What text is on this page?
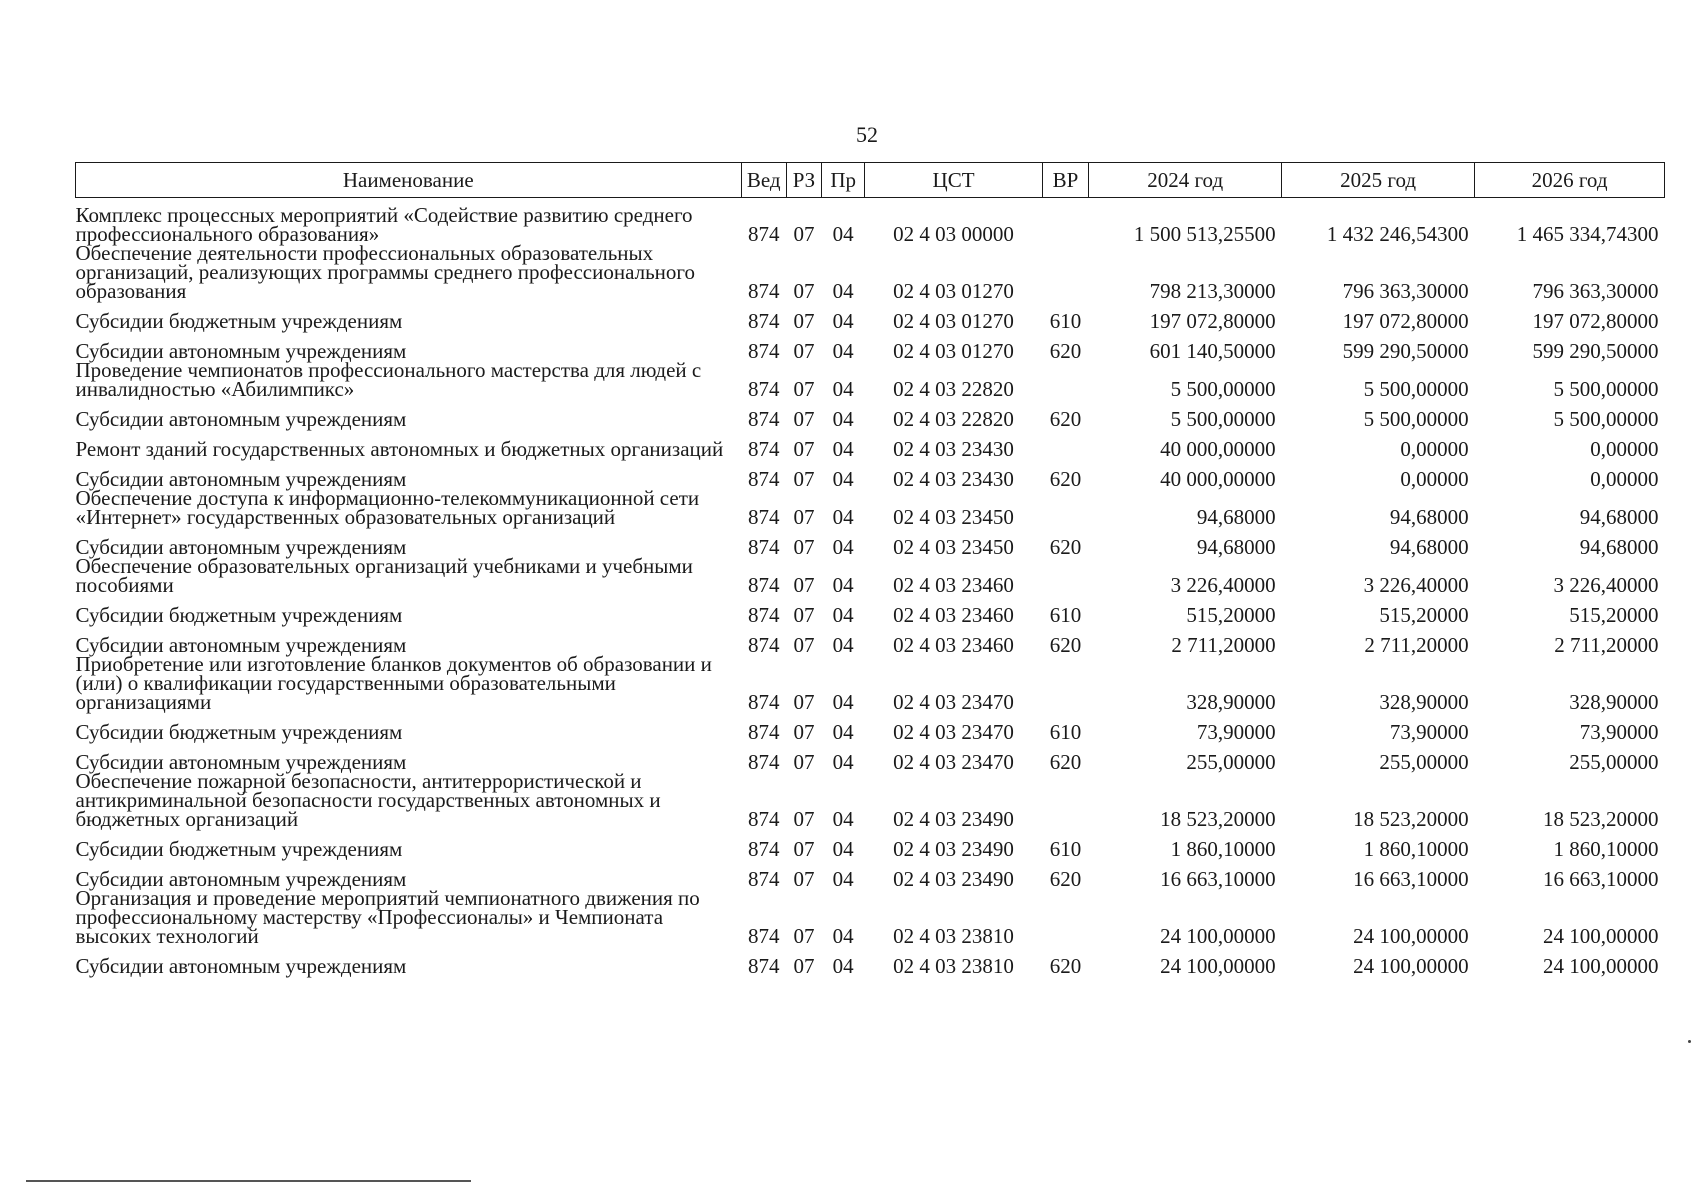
52
Наименование	Вед	РЗ	Пр	ЦСТ	ВР	2024 год	2025 год	2026 год
Комплекс процессных мероприятий «Содействие развитию среднего профессионального образования»	874	07	04	02 4 03 00000		1 500 513,25500	1 432 246,54300	1 465 334,74300
Обеспечение деятельности профессиональных образовательных организаций, реализующих программы среднего профессионального образования	874	07	04	02 4 03 01270		798 213,30000	796 363,30000	796 363,30000
Субсидии бюджетным учреждениям	874	07	04	02 4 03 01270	610	197 072,80000	197 072,80000	197 072,80000
Субсидии автономным учреждениям	874	07	04	02 4 03 01270	620	601 140,50000	599 290,50000	599 290,50000
Проведение чемпионатов профессионального мастерства для людей с инвалидностью «Абилимпикс»	874	07	04	02 4 03 22820		5 500,00000	5 500,00000	5 500,00000
Субсидии автономным учреждениям	874	07	04	02 4 03 22820	620	5 500,00000	5 500,00000	5 500,00000
Ремонт зданий государственных автономных и бюджетных организаций	874	07	04	02 4 03 23430		40 000,00000	0,00000	0,00000
Субсидии автономным учреждениям	874	07	04	02 4 03 23430	620	40 000,00000	0,00000	0,00000
Обеспечение доступа к информационно-телекоммуникационной сети «Интернет» государственных образовательных организаций	874	07	04	02 4 03 23450		94,68000	94,68000	94,68000
Субсидии автономным учреждениям	874	07	04	02 4 03 23450	620	94,68000	94,68000	94,68000
Обеспечение образовательных организаций учебниками и учебными пособиями	874	07	04	02 4 03 23460		3 226,40000	3 226,40000	3 226,40000
Субсидии бюджетным учреждениям	874	07	04	02 4 03 23460	610	515,20000	515,20000	515,20000
Субсидии автономным учреждениям	874	07	04	02 4 03 23460	620	2 711,20000	2 711,20000	2 711,20000
Приобретение или изготовление бланков документов об образовании и (или) о квалификации государственными образовательными организациями	874	07	04	02 4 03 23470		328,90000	328,90000	328,90000
Субсидии бюджетным учреждениям	874	07	04	02 4 03 23470	610	73,90000	73,90000	73,90000
Субсидии автономным учреждениям	874	07	04	02 4 03 23470	620	255,00000	255,00000	255,00000
Обеспечение пожарной безопасности, антитеррористической и антикриминальной безопасности государственных автономных и бюджетных организаций	874	07	04	02 4 03 23490		18 523,20000	18 523,20000	18 523,20000
Субсидии бюджетным учреждениям	874	07	04	02 4 03 23490	610	1 860,10000	1 860,10000	1 860,10000
Субсидии автономным учреждениям	874	07	04	02 4 03 23490	620	16 663,10000	16 663,10000	16 663,10000
Организация и проведение мероприятий чемпионатного движения по профессиональному мастерству «Профессионалы» и Чемпионата высоких технологий	874	07	04	02 4 03 23810		24 100,00000	24 100,00000	24 100,00000
Субсидии автономным учреждениям	874	07	04	02 4 03 23810	620	24 100,00000	24 100,00000	24 100,00000
